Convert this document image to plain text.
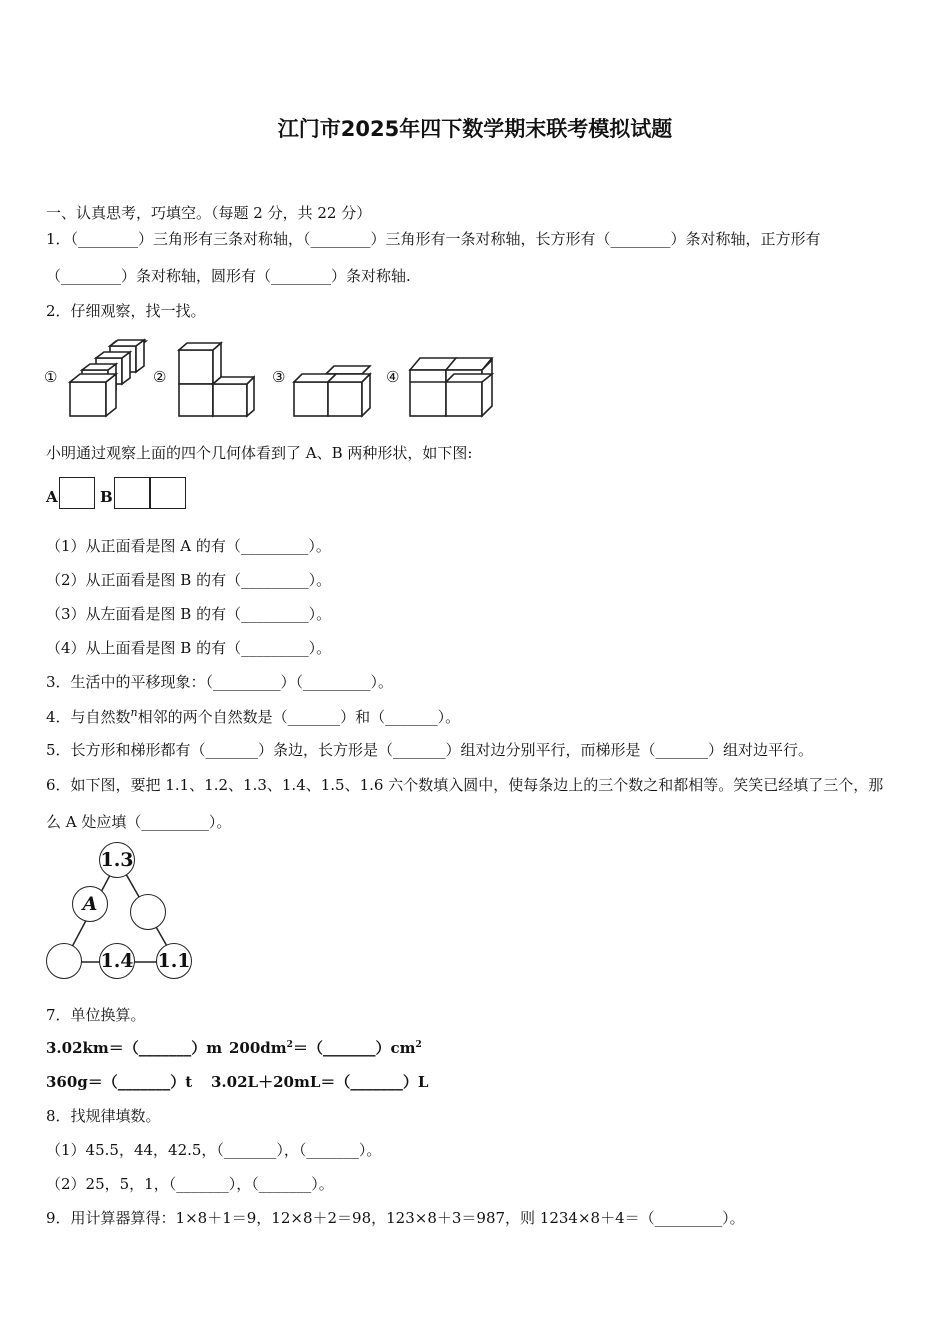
江门市2025年四下数学期末联考模拟试题
一、认真思考，巧填空。（每题 2 分，共 22 分）
1．（________）三角形有三条对称轴，（________）三角形有一条对称轴，长方形有（________）条对称轴，正方形有
（________）条对称轴，圆形有（________）条对称轴.
2．仔细观察，找一找。
①	②	③	④
小明通过观察上面的四个几何体看到了 A、B 两种形状，如下图:
A	B
（1）从正面看是图 A 的有（_________）。
（2）从正面看是图 B 的有（_________）。
（3）从左面看是图 B 的有（_________）。
（4）从上面看是图 B 的有（_________）。
3．生活中的平移现象：（_________）（_________）。
4．与自然数$^n$相邻的两个自然数是（_______）和（_______）。
5．长方形和梯形都有（_______）条边，长方形是（_______）组对边分别平行，而梯形是（_______）组对边平行。
6．如下图，要把 1.1、1.2、1.3、1.4、1.5、1.6 六个数填入圆中，使每条边上的三个数之和都相等。笑笑已经填了三个，那
么 A 处应填（_________）。
1.3
A
1.4 1.1
7．单位换算。
3.02km＝（_______）m $200dm^2=(\_\_\_\_\_\_\_)cm^2$
360g＝（_______）t 3.02L＋20mL＝（_______）L
8．找规律填数。
（1）45.5，44，42.5，（_______），（_______）。
（2）25，5，1，（_______），（_______）。
9．用计算器算得：1×8＋1＝9，12×8＋2＝98，123×8＋3＝987，则 1234×8＋4＝（_________）。
